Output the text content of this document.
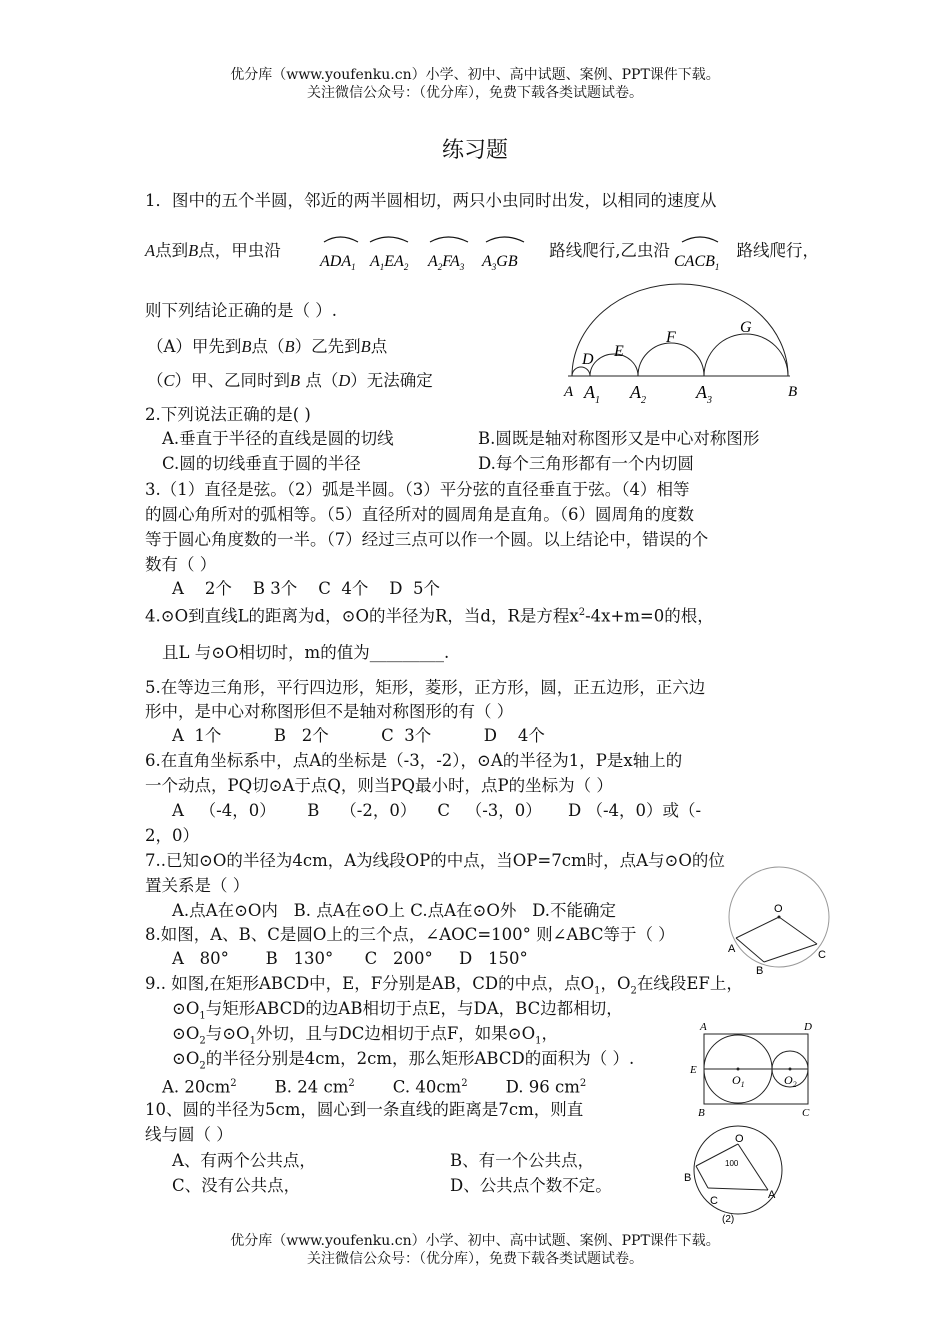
优分库（www.youfenku.cn）小学、初中、高中试题、案例、PPT课件下载。
关注微信公众号：（优分库），免费下载各类试题试卷。
练习题
1．图中的五个半圆，邻近的两半圆相切，两只小虫同时出发，以相同的速度从
A点到B点，甲虫沿	路线爬行,乙虫沿	路线爬行，
$ADA_1$ $A_1EA_2$ $A_2FA_3$ $A_3GB$	$CACB_1$
则下列结论正确的是（ ）.
（A）甲先到B点（B）乙先到B点
（C）甲、乙同时到B 点（D）无法确定
D E
F
G
A $A_1$ $A_2$	$A_3$
B
2.下列说法正确的是( )
A.垂直于半径的直线是圆的切线	B.圆既是轴对称图形又是中心对称图形
C.圆的切线垂直于圆的半径	D.每个三角形都有一个内切圆
3.（1）直径是弦。（2）弧是半圆。（3）平分弦的直径垂直于弦。（4）相等
的圆心角所对的弧相等。（5）直径所对的圆周角是直角。（6）圆周角的度数
等于圆心角度数的一半。（7）经过三点可以作一个圆。以上结论中，错误的个
数有（ ）
A    2个    B 3个    C  4个    D  5个
4.⊙O到直线L的距离为d，⊙O的半径为R，当d，R是方程$x^2-4x+m=0$的根，
且L 与⊙O相切时，m的值为_________.
5.在等边三角形，平行四边形，矩形，菱形，正方形，圆，正五边形，正六边
形中，是中心对称图形但不是轴对称图形的有（ ）
A  1个          B   2个          C  3个          D    4个
6.在直角坐标系中，点A的坐标是（-3，-2），⊙A的半径为1，P是x轴上的
一个动点，PQ切⊙A于点Q，则当PQ最小时，点P的坐标为（ ）
A   （-4，0）      B    （-2，0）    C   （-3，0）     D （-4，0）或（-
2，0）
7..已知⊙O的半径为4cm，A为线段OP的中点，当OP=7cm时，点A与⊙O的位
置关系是（ ）
A.点A在⊙O内   B. 点A在⊙O上 C.点A在⊙O外   D.不能确定
8.如图，A、B、C是圆O上的三个点，∠AOC=100° 则∠ABC等于（ ）
A   80°       B   130°      C   200°     D   150°
O
A
B
C
9.. 如图,在矩形ABCD中，E，F分别是AB，CD的中点，点$O_1$，$O_2$在线段EF上，
$⊙O_1$与矩形ABCD的边AB相切于点E，与DA，BC边都相切，
$⊙O_2$与$⊙O_1$外切，且与DC边相切于点F，如果$⊙O_1$，
$⊙O_2$的半径分别是4cm，2cm，那么矩形ABCD的面积为（ ）.
A. $20cm^2$ B. 24 $cm^2$ C. $40cm^2$ D. 96 $cm^2$
A	D
E
$O_1$	$O_2$
B	C
10、圆的半径为5cm，圆心到一条直线的距离是7cm，则直
线与圆（ ）
A、有两个公共点，	B、有一个公共点，
C、没有公共点，	D、公共点个数不定。
O
100
B
C	A
(2)
优分库（www.youfenku.cn）小学、初中、高中试题、案例、PPT课件下载。
关注微信公众号：（优分库），免费下载各类试题试卷。
